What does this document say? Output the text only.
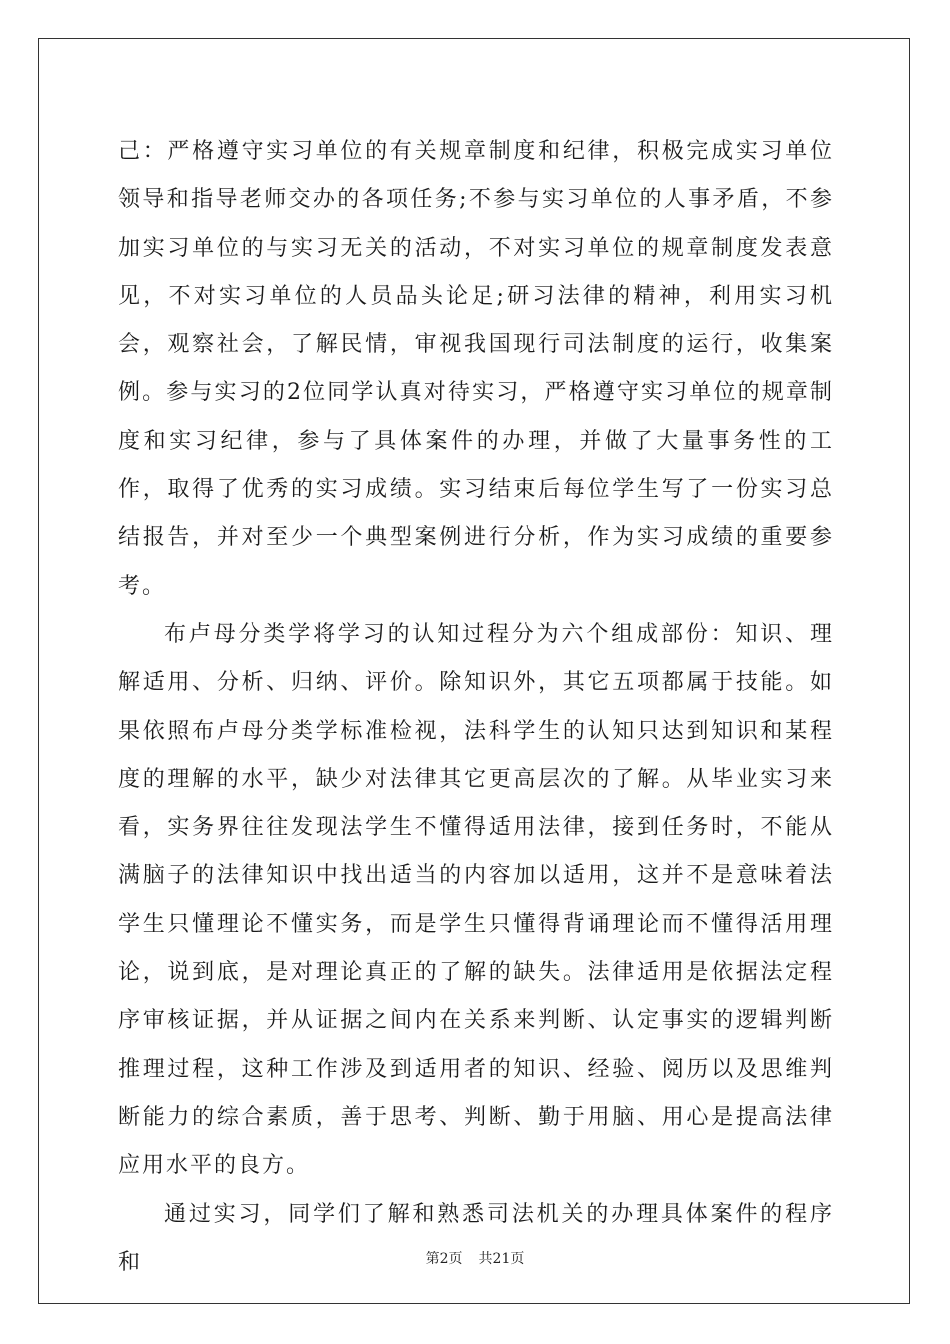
己：严格遵守实习单位的有关规章制度和纪律，积极完成实习单位领导和指导老师交办的各项任务;不参与实习单位的人事矛盾，不参加实习单位的与实习无关的活动，不对实习单位的规章制度发表意见，不对实习单位的人员品头论足;研习法律的精神，利用实习机会，观察社会，了解民情，审视我国现行司法制度的运行，收集案例。参与实习的2位同学认真对待实习，严格遵守实习单位的规章制度和实习纪律，参与了具体案件的办理，并做了大量事务性的工作，取得了优秀的实习成绩。实习结束后每位学生写了一份实习总结报告，并对至少一个典型案例进行分析，作为实习成绩的重要参考。

布卢母分类学将学习的认知过程分为六个组成部份：知识、理解适用、分析、归纳、评价。除知识外，其它五项都属于技能。如果依照布卢母分类学标准检视，法科学生的认知只达到知识和某程度的理解的水平，缺少对法律其它更高层次的了解。从毕业实习来看，实务界往往发现法学生不懂得适用法律，接到任务时，不能从满脑子的法律知识中找出适当的内容加以适用，这并不是意味着法学生只懂理论不懂实务，而是学生只懂得背诵理论而不懂得活用理论，说到底，是对理论真正的了解的缺失。法律适用是依据法定程序审核证据，并从证据之间内在关系来判断、认定事实的逻辑判断推理过程，这种工作涉及到适用者的知识、经验、阅历以及思维判断能力的综合素质，善于思考、判断、勤于用脑、用心是提高法律应用水平的良方。

通过实习，同学们了解和熟悉司法机关的办理具体案件的程序和	第2页 共21页
